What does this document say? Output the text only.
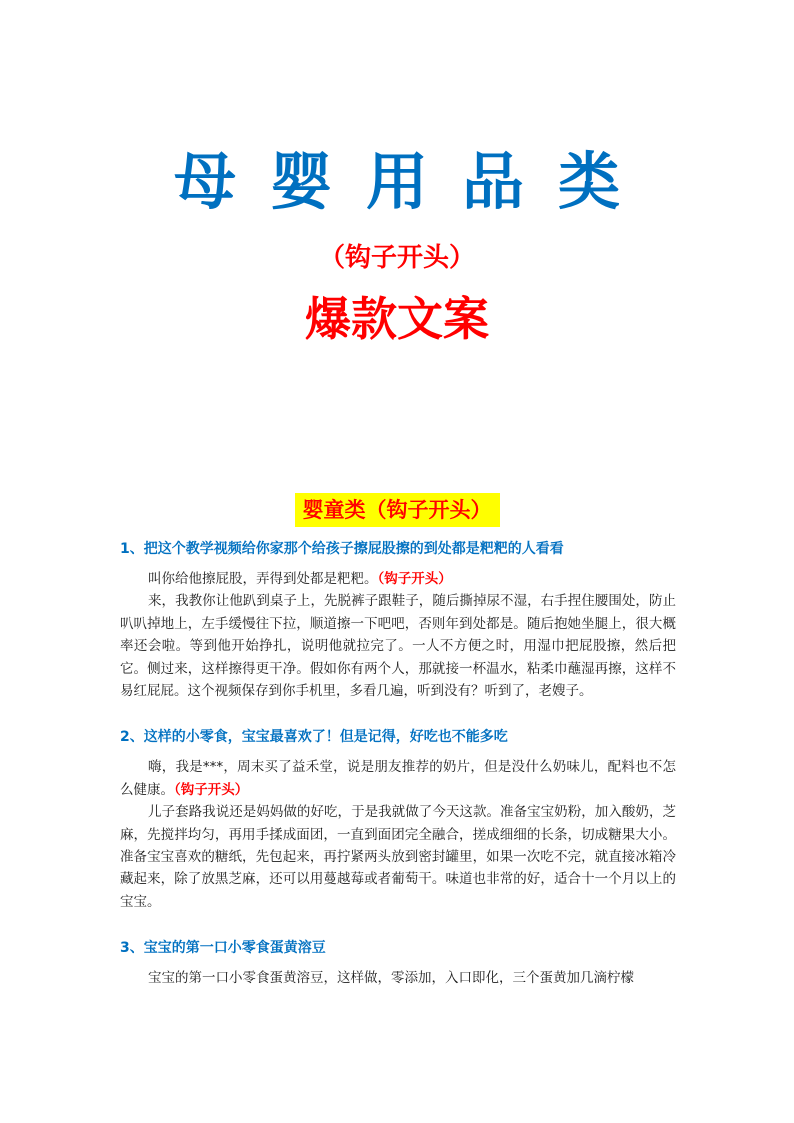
母婴用品类
（钩子开头）
爆款文案
婴童类（钩子开头）
1、把这个教学视频给你家那个给孩子擦屁股擦的到处都是粑粑的人看看

叫你给他擦屁股，弄得到处都是粑粑。（钩子开头）

来，我教你让他趴到桌子上，先脱裤子跟鞋子，随后撕掉尿不湿，右手捏住腰围处，防止叭叭掉地上，左手缓慢往下拉，顺道擦一下吧吧，否则年到处都是。随后抱她坐腿上，很大概率还会啦。等到他开始挣扎，说明他就拉完了。一人不方便之时，用湿巾把屁股擦，然后把它。侧过来，这样擦得更干净。假如你有两个人，那就接一杯温水，粘柔巾蘸湿再擦，这样不易红屁屁。这个视频保存到你手机里，多看几遍，听到没有？听到了，老嫂子。

2、这样的小零食，宝宝最喜欢了！但是记得，好吃也不能多吃

嗨，我是***，周末买了益禾堂，说是朋友推荐的奶片，但是没什么奶味儿，配料也不怎么健康。（钩子开头）

儿子套路我说还是妈妈做的好吃，于是我就做了今天这款。准备宝宝奶粉，加入酸奶，芝麻，先搅拌均匀，再用手揉成面团，一直到面团完全融合，搓成细细的长条，切成糖果大小。准备宝宝喜欢的糖纸，先包起来，再拧紧两头放到密封罐里，如果一次吃不完，就直接冰箱冷藏起来，除了放黑芝麻，还可以用蔓越莓或者葡萄干。味道也非常的好，适合十一个月以上的宝宝。

3、宝宝的第一口小零食蛋黄溶豆

宝宝的第一口小零食蛋黄溶豆，这样做，零添加，入口即化，三个蛋黄加几滴柠檬
